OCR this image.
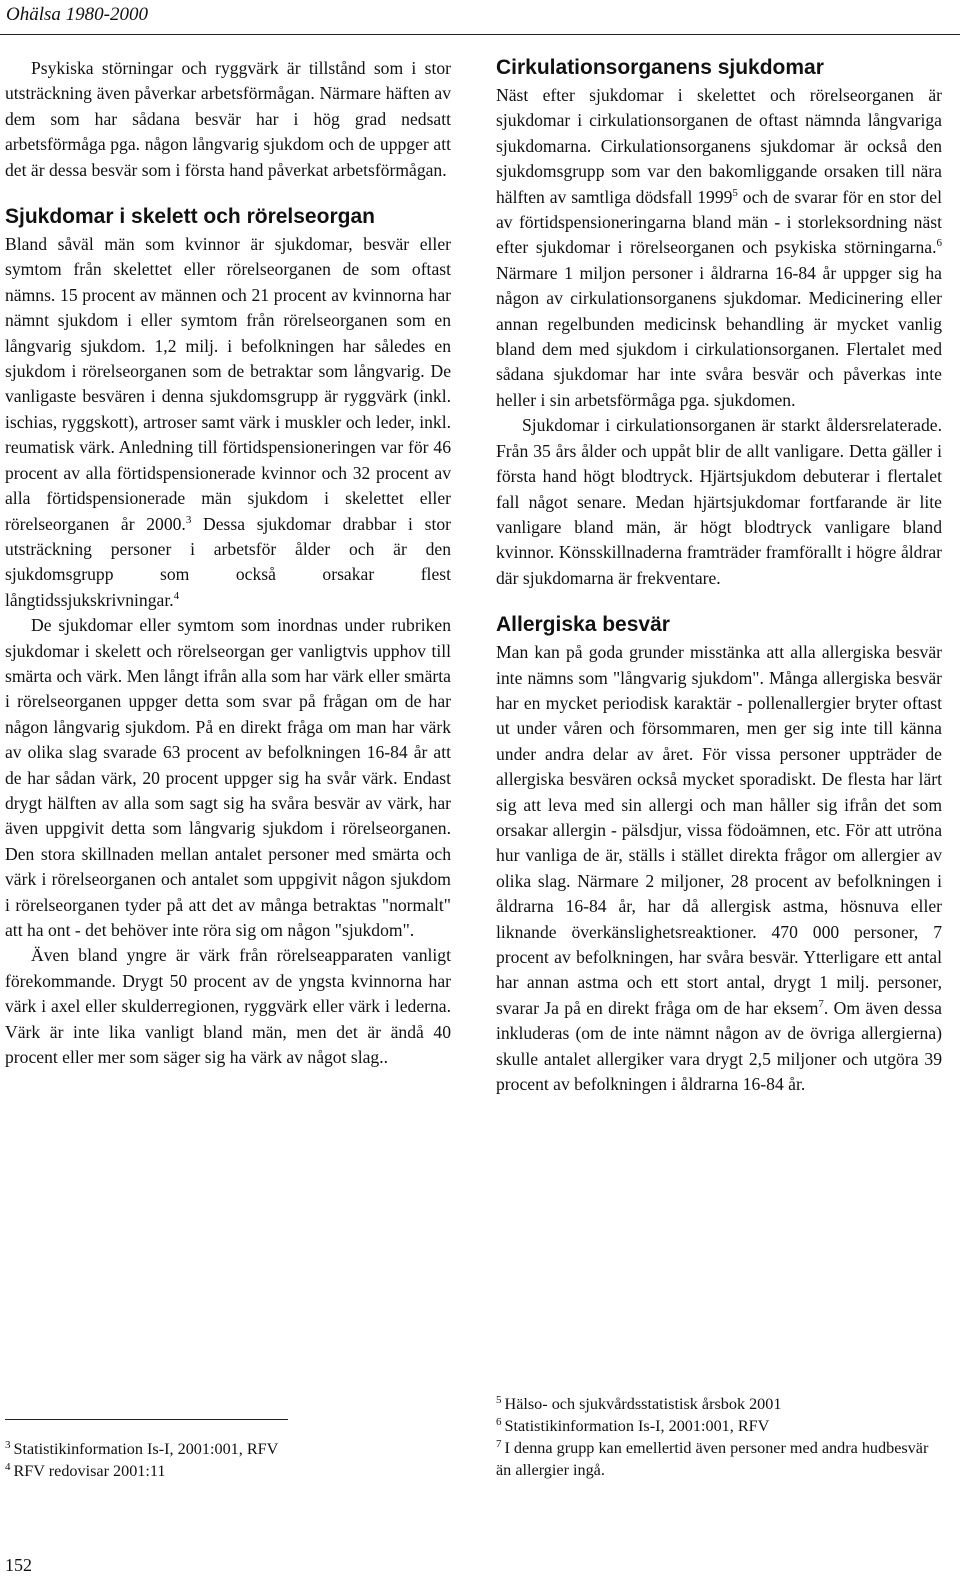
Ohälsa 1980-2000

Psykiska störningar och ryggvärk är tillstånd som i stor utsträckning även påverkar arbetsförmågan. Närmare häften av dem som har sådana besvär har i hög grad nedsatt arbetsförmåga pga. någon långvarig sjukdom och de uppger att det är dessa besvär som i första hand påverkat arbetsförmågan.

Sjukdomar i skelett och rörelseorgan

Bland såväl män som kvinnor är sjukdomar, besvär eller symtom från skelettet eller rörelseorganen de som oftast nämns. 15 procent av männen och 21 procent av kvinnorna har nämnt sjukdom i eller symtom från rörelseorganen som en långvarig sjukdom. 1,2 milj. i befolkningen har således en sjukdom i rörelseorganen som de betraktar som långvarig. De vanligaste besvären i denna sjukdomsgrupp är ryggvärk (inkl. ischias, ryggskott), artroser samt värk i muskler och leder, inkl. reumatisk värk. Anledning till förtidspensioneringen var för 46 procent av alla förtidspensionerade kvinnor och 32 procent av alla förtidspensionerade män sjukdom i skelettet eller rörelseorganen år 2000.$^3$ Dessa sjukdomar drabbar i stor utsträckning personer i arbetsför ålder och är den sjukdomsgrupp som också orsakar flest långtidssjukskrivningar.$^4$

De sjukdomar eller symtom som inordnas under rubriken sjukdomar i skelett och rörelseorgan ger vanligtvis upphov till smärta och värk. Men långt ifrån alla som har värk eller smärta i rörelseorganen uppger detta som svar på frågan om de har någon långvarig sjukdom. På en direkt fråga om man har värk av olika slag svarade 63 procent av befolkningen 16-84 år att de har sådan värk, 20 procent uppger sig ha svår värk. Endast drygt hälften av alla som sagt sig ha svåra besvär av värk, har även uppgivit detta som långvarig sjukdom i rörelseorganen. Den stora skillnaden mellan antalet personer med smärta och värk i rörelseorganen och antalet som uppgivit någon sjukdom i rörelseorganen tyder på att det av många betraktas "normalt" att ha ont - det behöver inte röra sig om någon "sjukdom".

Även bland yngre är värk från rörelseapparaten vanligt förekommande. Drygt 50 procent av de yngsta kvinnorna har värk i axel eller skulderregionen, ryggvärk eller värk i lederna. Värk är inte lika vanligt bland män, men det är ändå 40 procent eller mer som säger sig ha värk av något slag..

Cirkulationsorganens sjukdomar

Näst efter sjukdomar i skelettet och rörelseorganen är sjukdomar i cirkulationsorganen de oftast nämnda långvariga sjukdomarna. Cirkulationsorganens sjukdomar är också den sjukdomsgrupp som var den bakomliggande orsaken till nära hälften av samtliga dödsfall 1999$^5$ och de svarar för en stor del av förtidspensioneringarna bland män - i storleksordning näst efter sjukdomar i rörelseorganen och psykiska störningarna.$^6$ Närmare 1 miljon personer i åldrarna 16-84 år uppger sig ha någon av cirkulationsorganens sjukdomar. Medicinering eller annan regelbunden medicinsk behandling är mycket vanlig bland dem med sjukdom i cirkulationsorganen. Flertalet med sådana sjukdomar har inte svåra besvär och påverkas inte heller i sin arbetsförmåga pga. sjukdomen.

Sjukdomar i cirkulationsorganen är starkt åldersrelaterade. Från 35 års ålder och uppåt blir de allt vanligare. Detta gäller i första hand högt blodtryck. Hjärtsjukdom debuterar i flertalet fall något senare. Medan hjärtsjukdomar fortfarande är lite vanligare bland män, är högt blodtryck vanligare bland kvinnor. Könsskillnaderna framträder framförallt i högre åldrar där sjukdomarna är frekventare.

Allergiska besvär

Man kan på goda grunder misstänka att alla allergiska besvär inte nämns som "långvarig sjukdom". Många allergiska besvär har en mycket periodisk karaktär - pollenallergier bryter oftast ut under våren och försommaren, men ger sig inte till känna under andra delar av året. För vissa personer uppträder de allergiska besvären också mycket sporadiskt. De flesta har lärt sig att leva med sin allergi och man håller sig ifrån det som orsakar allergin - pälsdjur, vissa födoämnen, etc. För att utröna hur vanliga de är, ställs i stället direkta frågor om allergier av olika slag. Närmare 2 miljoner, 28 procent av befolkningen i åldrarna 16-84 år, har då allergisk astma, hösnuva eller liknande överkänslighetsreaktioner. 470 000 personer, 7 procent av befolkningen, har svåra besvär. Ytterligare ett antal har annan astma och ett stort antal, drygt 1 milj. personer, svarar Ja på en direkt fråga om de har eksem$^7$. Om även dessa inkluderas (om de inte nämnt någon av de övriga allergierna) skulle antalet allergiker vara drygt 2,5 miljoner och utgöra 39 procent av befolkningen i åldrarna 16-84 år.

$^3$ Statistikinformation Is-I, 2001:001, RFV

$^4$ RFV redovisar 2001:11

$^5$ Hälso- och sjukvårdsstatistisk årsbok 2001

$^6$ Statistikinformation Is-I, 2001:001, RFV

$^7$ I denna grupp kan emellertid även personer med andra hudbesvär än allergier ingå.

152
